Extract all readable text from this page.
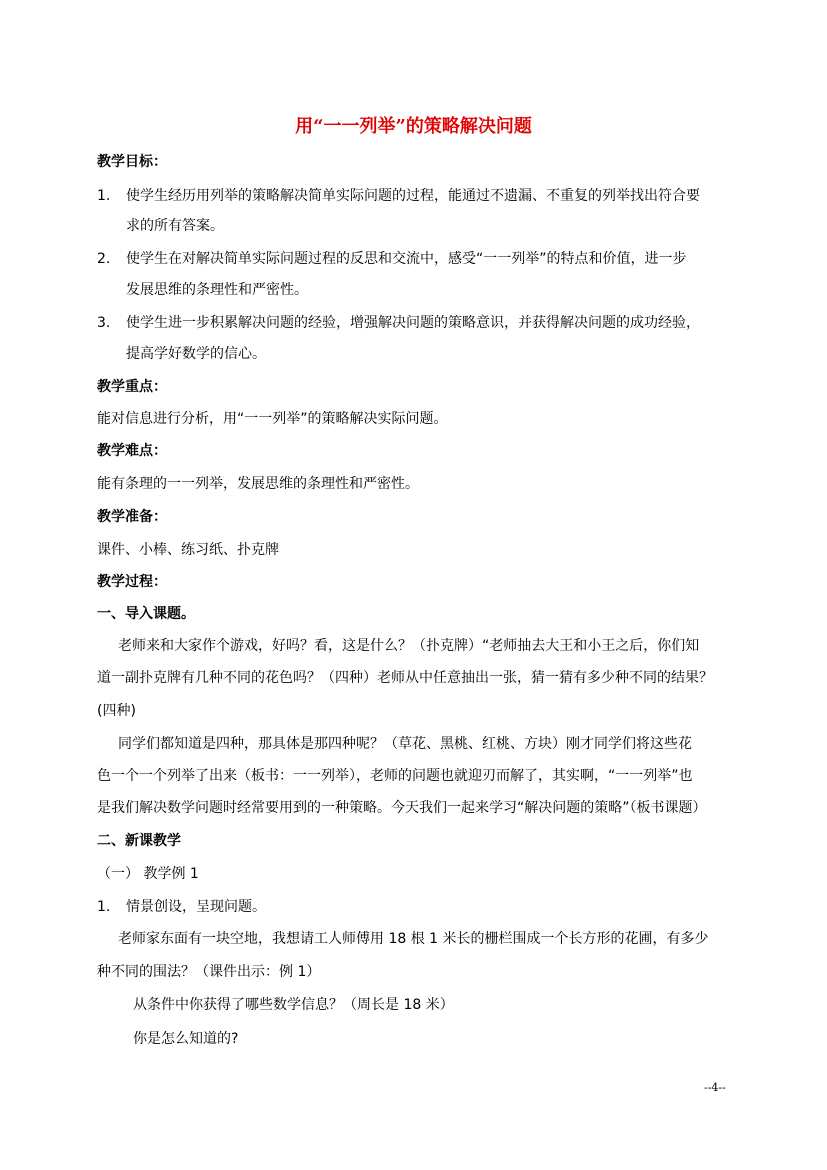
用“一一列举”的策略解决问题
教学目标：
1. 使学生经历用列举的策略解决简单实际问题的过程，能通过不遗漏、不重复的列举找出符合要
求的所有答案。
2. 使学生在对解决简单实际问题过程的反思和交流中，感受“一一列举”的特点和价值，进一步
发展思维的条理性和严密性。
3. 使学生进一步积累解决问题的经验，增强解决问题的策略意识，并获得解决问题的成功经验，
提高学好数学的信心。
教学重点：
能对信息进行分析，用“一一列举”的策略解决实际问题。
教学难点：
能有条理的一一列举，发展思维的条理性和严密性。
教学准备：
课件、小棒、练习纸、扑克牌
教学过程：
一、导入课题。
老师来和大家作个游戏，好吗？看，这是什么？（扑克牌）“老师抽去大王和小王之后，你们知
道一副扑克牌有几种不同的花色吗？（四种）老师从中任意抽出一张，猜一猜有多少种不同的结果？
(四种)
同学们都知道是四种，那具体是那四种呢？（草花、黑桃、红桃、方块）刚才同学们将这些花
色一个一个列举了出来（板书：一一列举），老师的问题也就迎刃而解了，其实啊，“一一列举”也
是我们解决数学问题时经常要用到的一种策略。今天我们一起来学习“解决问题的策略”（板书课题）
二、新课教学
（一） 教学例 1
1. 情景创设，呈现问题。
老师家东面有一块空地，我想请工人师傅用 18 根 1 米长的栅栏围成一个长方形的花圃，有多少
种不同的围法？（课件出示：例 1）
从条件中你获得了哪些数学信息？（周长是 18 米）
你是怎么知道的?
--4--
